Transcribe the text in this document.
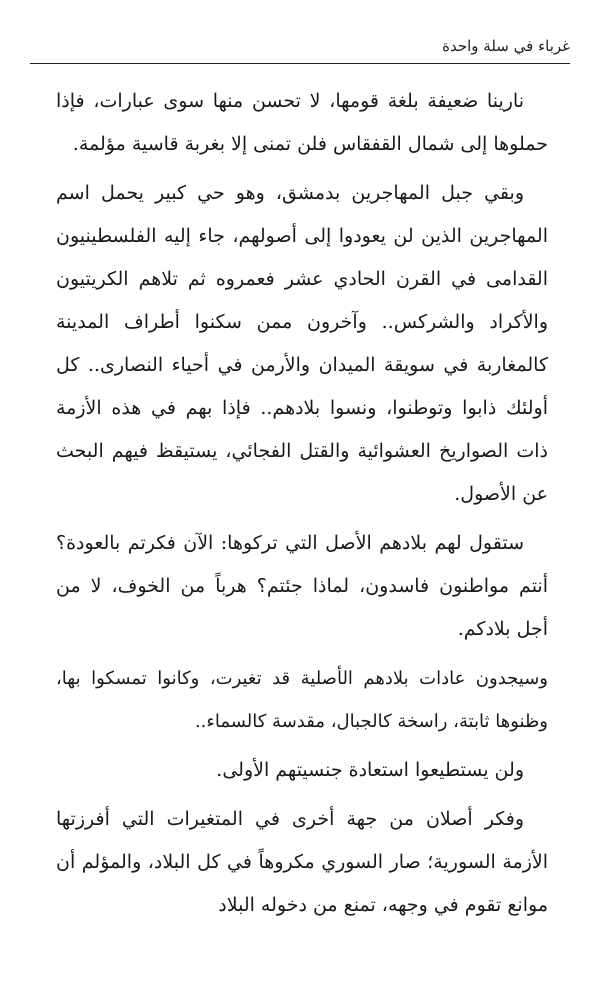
غرباء في سلة واحدة

نارينا ضعيفة بلغة قومها، لا تحسن منها سوى عبارات، فإذا حملوها إلى شمال القفقاس فلن تمنى إلا بغربة قاسية مؤلمة.

وبقي جبل المهاجرين بدمشق، وهو حي كبير يحمل اسم المهاجرين الذين لن يعودوا إلى أصولهم، جاء إليه الفلسطينيون القدامى في القرن الحادي عشر فعمروه ثم تلاهم الكريتيون والأكراد والشركس.. وآخرون ممن سكنوا أطراف المدينة كالمغاربة في سويقة الميدان والأرمن في أحياء النصارى.. كل أولئك ذابوا وتوطنوا، ونسوا بلادهم.. فإذا بهم في هذه الأزمة ذات الصواريخ العشوائية والقتل الفجائي، يستيقظ فيهم البحث عن الأصول.

ستقول لهم بلادهم الأصل التي تركوها: الآن فكرتم بالعودة؟ أنتم مواطنون فاسدون، لماذا جئتم؟ هرباً من الخوف، لا من أجل بلادكم.

وسيجدون عادات بلادهم الأصلية قد تغيرت، وكانوا تمسكوا بها، وظنوها ثابتة، راسخة كالجبال، مقدسة كالسماء..

ولن يستطيعوا استعادة جنسيتهم الأولى.

وفكر أصلان من جهة أخرى في المتغيرات التي أفرزتها الأزمة السورية؛ صار السوري مكروهاً في كل البلاد، والمؤلم أن موانع تقوم في وجهه، تمنع من دخوله البلاد
